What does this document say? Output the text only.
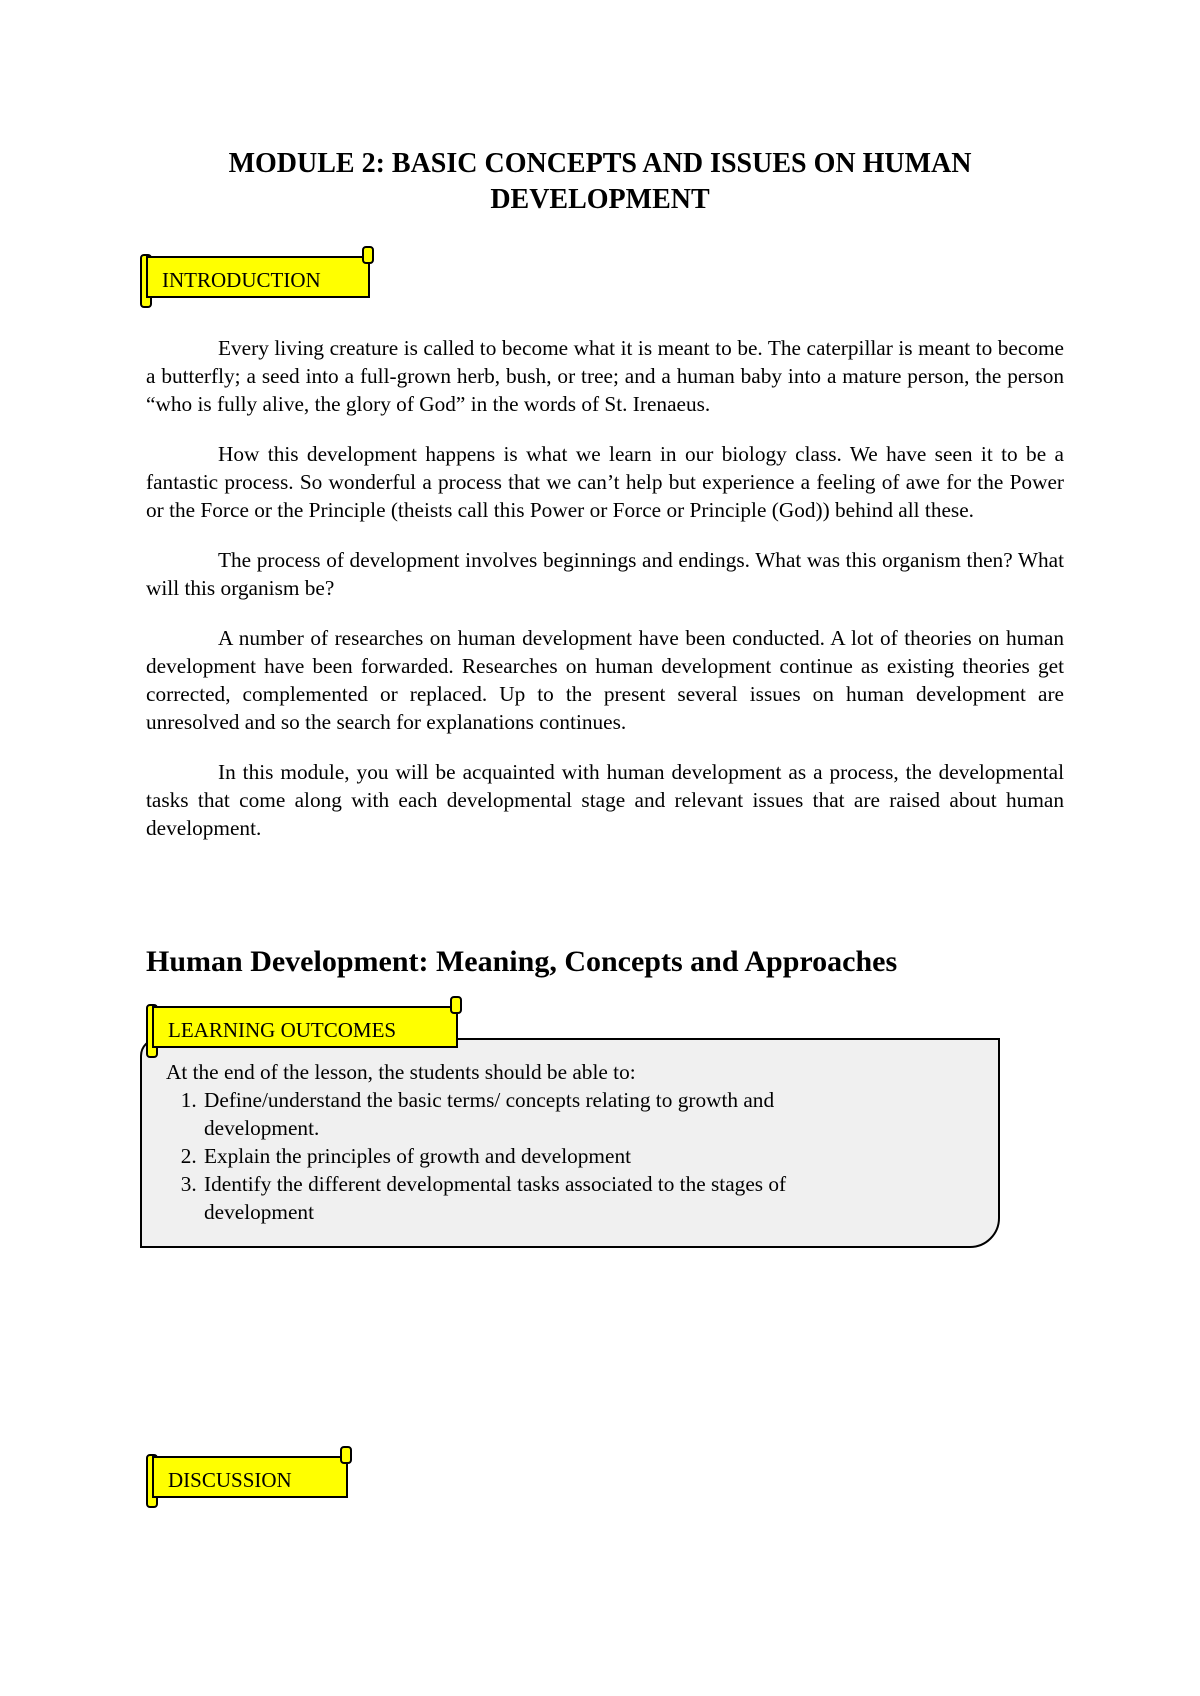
MODULE 2: BASIC CONCEPTS AND ISSUES ON HUMAN
DEVELOPMENT
INTRODUCTION

Every living creature is called to become what it is meant to be. The caterpillar is meant to become a butterfly; a seed into a full-grown herb, bush, or tree; and a human baby into a mature person, the person “who is fully alive, the glory of God” in the words of St. Irenaeus.

How this development happens is what we learn in our biology class. We have seen it to be a fantastic process. So wonderful a process that we can’t help but experience a feeling of awe for the Power or the Force or the Principle (theists call this Power or Force or Principle (God)) behind all these.

The process of development involves beginnings and endings. What was this organism then? What will this organism be?

A number of researches on human development have been conducted. A lot of theories on human development have been forwarded. Researches on human development continue as existing theories get corrected, complemented or replaced. Up to the present several issues on human development are unresolved and so the search for explanations continues.

In this module, you will be acquainted with human development as a process, the developmental tasks that come along with each developmental stage and relevant issues that are raised about human development.

Human Development: Meaning, Concepts and Approaches
LEARNING OUTCOMES

At the end of the lesson, the students should be able to:

1. Define/understand the basic terms/ concepts relating to growth and development.
2. Explain the principles of growth and development
3. Identify the different developmental tasks associated to the stages of development
DISCUSSION
